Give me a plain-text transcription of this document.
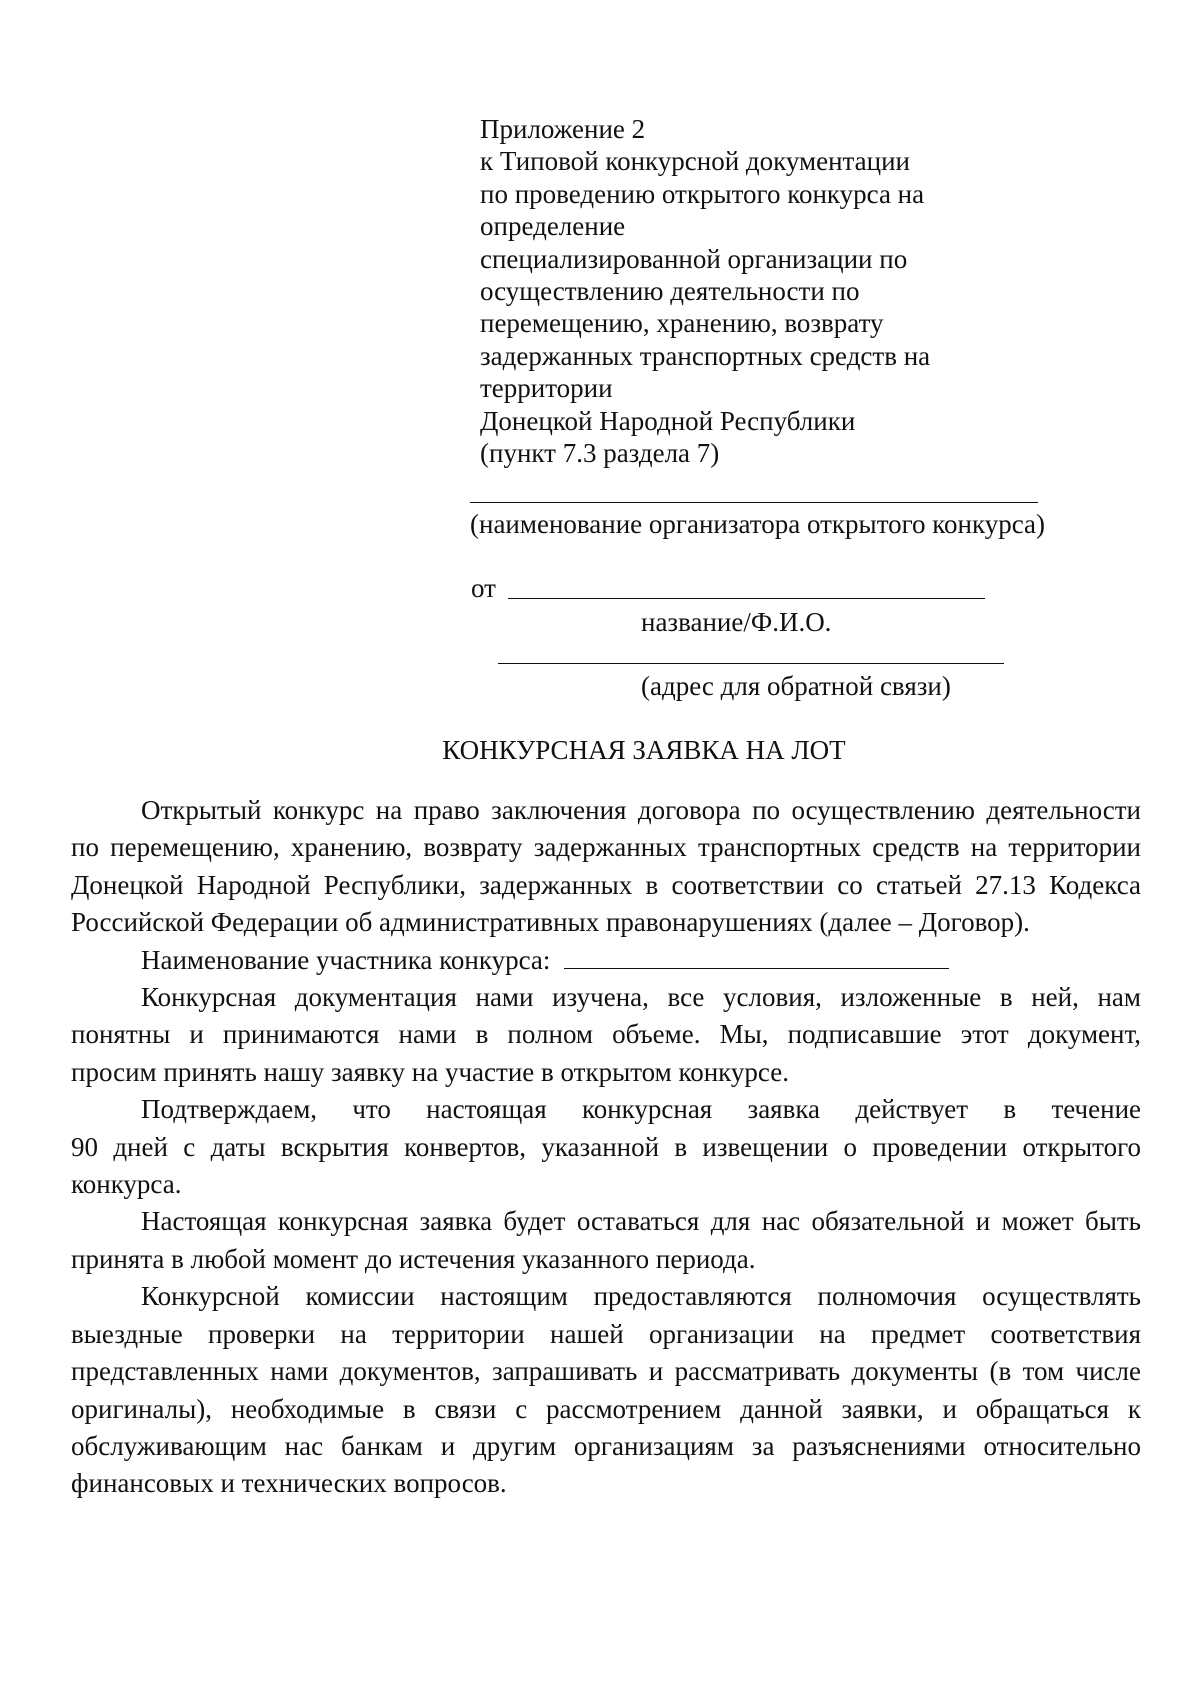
Приложение 2
к Типовой конкурсной документации
по проведению открытого конкурса на
определение
специализированной организации по
осуществлению деятельности по
перемещению, хранению, возврату
задержанных транспортных средств на
территории
Донецкой Народной Республики
(пункт 7.3 раздела 7)
(наименование организатора открытого конкурса)
от
название/Ф.И.О.
(адрес для обратной связи)
КОНКУРСНАЯ ЗАЯВКА НА ЛОТ
Открытый конкурс на право заключения договора по осуществлению деятельности
по перемещению, хранению, возврату задержанных транспортных средств на территории
Донецкой Народной Республики, задержанных в соответствии со статьей 27.13 Кодекса
Российской Федерации об административных правонарушениях (далее – Договор).
Наименование участника конкурса:
Конкурсная документация нами изучена, все условия, изложенные в ней, нам
понятны и принимаются нами в полном объеме. Мы, подписавшие этот документ,
просим принять нашу заявку на участие в открытом конкурсе.
Подтверждаем, что настоящая конкурсная заявка действует в течение
90 дней с даты вскрытия конвертов, указанной в извещении о проведении открытого
конкурса.
Настоящая конкурсная заявка будет оставаться для нас обязательной и может быть
принята в любой момент до истечения указанного периода.
Конкурсной комиссии настоящим предоставляются полномочия осуществлять
выездные проверки на территории нашей организации на предмет соответствия
представленных нами документов, запрашивать и рассматривать документы (в том числе
оригиналы), необходимые в связи с рассмотрением данной заявки, и обращаться к
обслуживающим нас банкам и другим организациям за разъяснениями относительно
финансовых и технических вопросов.
